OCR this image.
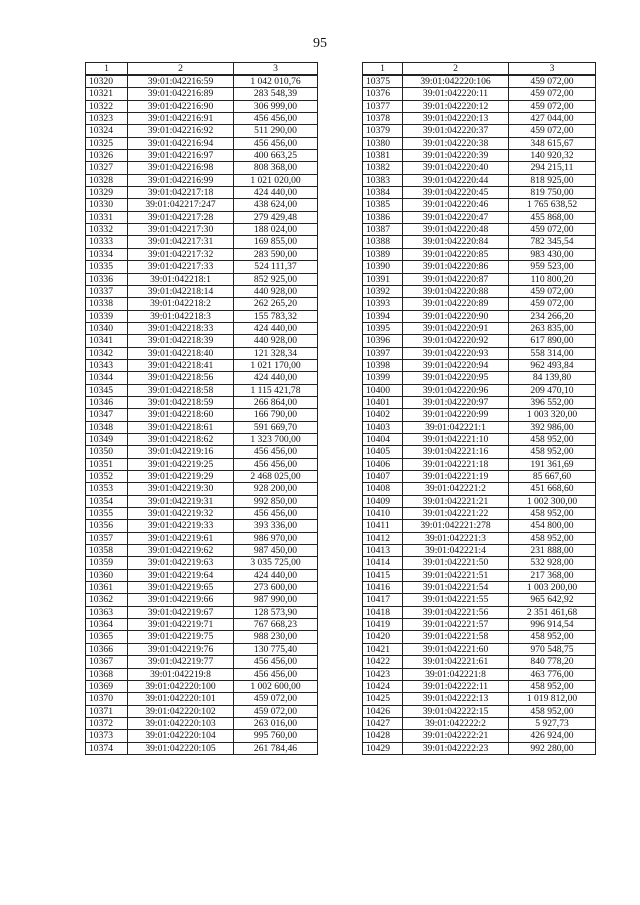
95
1	2	3
10320	39:01:042216:59	1 042 010,76
10321	39:01:042216:89	283 548,39
10322	39:01:042216:90	306 999,00
10323	39:01:042216:91	456 456,00
10324	39:01:042216:92	511 290,00
10325	39:01:042216:94	456 456,00
10326	39:01:042216:97	400 663,25
10327	39:01:042216:98	808 368,00
10328	39:01:042216:99	1 021 020,00
10329	39:01:042217:18	424 440,00
10330	39:01:042217:247	438 624,00
10331	39:01:042217:28	279 429,48
10332	39:01:042217:30	188 024,00
10333	39:01:042217:31	169 855,00
10334	39:01:042217:32	283 590,00
10335	39:01:042217:33	524 111,37
10336	39:01:042218:1	852 925,00
10337	39:01:042218:14	440 928,00
10338	39:01:042218:2	262 265,20
10339	39:01:042218:3	155 783,32
10340	39:01:042218:33	424 440,00
10341	39:01:042218:39	440 928,00
10342	39:01:042218:40	121 328,34
10343	39:01:042218:41	1 021 170,00
10344	39:01:042218:56	424 440,00
10345	39:01:042218:58	1 115 421,78
10346	39:01:042218:59	266 864,00
10347	39:01:042218:60	166 790,00
10348	39:01:042218:61	591 669,70
10349	39:01:042218:62	1 323 700,00
10350	39:01:042219:16	456 456,00
10351	39:01:042219:25	456 456,00
10352	39:01:042219:29	2 468 025,00
10353	39:01:042219:30	928 200,00
10354	39:01:042219:31	992 850,00
10355	39:01:042219:32	456 456,00
10356	39:01:042219:33	393 336,00
10357	39:01:042219:61	986 970,00
10358	39:01:042219:62	987 450,00
10359	39:01:042219:63	3 035 725,00
10360	39:01:042219:64	424 440,00
10361	39:01:042219:65	273 600,00
10362	39:01:042219:66	987 990,00
10363	39:01:042219:67	128 573,90
10364	39:01:042219:71	767 668,23
10365	39:01:042219:75	988 230,00
10366	39:01:042219:76	130 775,40
10367	39:01:042219:77	456 456,00
10368	39:01:042219:8	456 456,00
10369	39:01:042220:100	1 002 600,00
10370	39:01:042220:101	459 072,00
10371	39:01:042220:102	459 072,00
10372	39:01:042220:103	263 016,00
10373	39:01:042220:104	995 760,00
10374	39:01:042220:105	261 784,46
1	2	3
10375	39:01:042220:106	459 072,00
10376	39:01:042220:11	459 072,00
10377	39:01:042220:12	459 072,00
10378	39:01:042220:13	427 044,00
10379	39:01:042220:37	459 072,00
10380	39:01:042220:38	348 615,67
10381	39:01:042220:39	140 920,32
10382	39:01:042220:40	294 215,11
10383	39:01:042220:44	818 925,00
10384	39:01:042220:45	819 750,00
10385	39:01:042220:46	1 765 638,52
10386	39:01:042220:47	455 868,00
10387	39:01:042220:48	459 072,00
10388	39:01:042220:84	782 345,54
10389	39:01:042220:85	983 430,00
10390	39:01:042220:86	959 523,00
10391	39:01:042220:87	110 800,20
10392	39:01:042220:88	459 072,00
10393	39:01:042220:89	459 072,00
10394	39:01:042220:90	234 266,20
10395	39:01:042220:91	263 835,00
10396	39:01:042220:92	617 890,00
10397	39:01:042220:93	558 314,00
10398	39:01:042220:94	962 493,84
10399	39:01:042220:95	84 139,80
10400	39:01:042220:96	209 470,10
10401	39:01:042220:97	396 552,00
10402	39:01:042220:99	1 003 320,00
10403	39:01:042221:1	392 986,00
10404	39:01:042221:10	458 952,00
10405	39:01:042221:16	458 952,00
10406	39:01:042221:18	191 361,69
10407	39:01:042221:19	85 667,60
10408	39:01:042221:2	451 668,60
10409	39:01:042221:21	1 002 300,00
10410	39:01:042221:22	458 952,00
10411	39:01:042221:278	454 800,00
10412	39:01:042221:3	458 952,00
10413	39:01:042221:4	231 888,00
10414	39:01:042221:50	532 928,00
10415	39:01:042221:51	217 368,00
10416	39:01:042221:54	1 003 200,00
10417	39:01:042221:55	965 642,92
10418	39:01:042221:56	2 351 461,68
10419	39:01:042221:57	996 914,54
10420	39:01:042221:58	458 952,00
10421	39:01:042221:60	970 548,75
10422	39:01:042221:61	840 778,20
10423	39:01:042221:8	463 776,00
10424	39:01:042222:11	458 952,00
10425	39:01:042222:13	1 019 812,00
10426	39:01:042222:15	458 952,00
10427	39:01:042222:2	5 927,73
10428	39:01:042222:21	426 924,00
10429	39:01:042222:23	992 280,00
